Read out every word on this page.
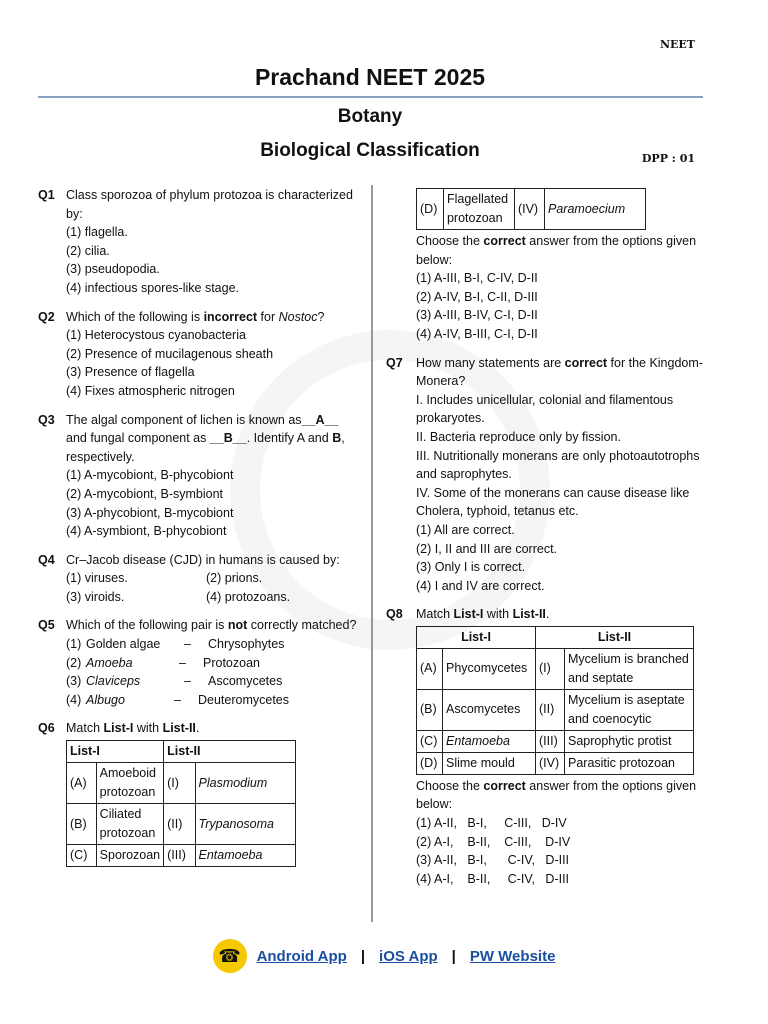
NEET
Prachand NEET 2025
Botany
Biological Classification	DPP : 01
Q1 Class sporozoa of phylum protozoa is characterized by:
(1) flagella.
(2) cilia.
(3) pseudopodia.
(4) infectious spores-like stage.
Q2 Which of the following is incorrect for Nostoc?
(1) Heterocystous cyanobacteria
(2) Presence of mucilagenous sheath
(3) Presence of flagella
(4) Fixes atmospheric nitrogen
Q3 The algal component of lichen is known as__A__ and fungal component as __B__. Identify A and B, respectively.
(1) A-mycobiont, B-phycobiont
(2) A-mycobiont, B-symbiont
(3) A-phycobiont, B-mycobiont
(4) A-symbiont, B-phycobiont
Q4 Cr–Jacob disease (CJD) in humans is caused by:
(1) viruses.	(2) prions.
(3) viroids.	(4) protozoans.
Q5 Which of the following pair is not correctly matched?
(1) Golden algae	–	Chrysophytes
(2) Amoeba	–	Protozoan
(3) Claviceps	–	Ascomycetes
(4) Albugo	–	Deuteromycetes
Q6 Match List-I with List-II.
List-I		List-II	
(A)	Amoeboid protozoan	(I)	Plasmodium
(B)	Ciliated protozoan	(II)	Trypanosoma
(C)	Sporozoan	(III)	Entamoeba
(D)	Flagellated protozoan	(IV)	Paramoecium
Choose the correct answer from the options given below:
(1) A-III, B-I, C-IV, D-II
(2) A-IV, B-I, C-II, D-III
(3) A-III, B-IV, C-I, D-II
(4) A-IV, B-III, C-I, D-II
Q7 How many statements are correct for the Kingdom-Monera?
I. Includes unicellular, colonial and filamentous prokaryotes.
II. Bacteria reproduce only by fission.
III. Nutritionally monerans are only photoautotrophs and saprophytes.
IV. Some of the monerans can cause disease like Cholera, typhoid, tetanus etc.
(1) All are correct.
(2) I, II and III are correct.
(3) Only I is correct.
(4) I and IV are correct.
Q8 Match List-I with List-II.
List-I		List-II	
(A)	Phycomycetes	(I)	Mycelium is branched and septate
(B)	Ascomycetes	(II)	Mycelium is aseptate and coenocytic
(C)	Entamoeba	(III)	Saprophytic protist
(D)	Slime mould	(IV)	Parasitic protozoan
Choose the correct answer from the options given below:
(1) A-II,   B-I,     C-III,   D-IV
(2) A-I,    B-II,    C-III,    D-IV
(3) A-II,   B-I,      C-IV,   D-III
(4) A-I,    B-II,     C-IV,   D-III
☎ Android App | iOS App | PW Website
